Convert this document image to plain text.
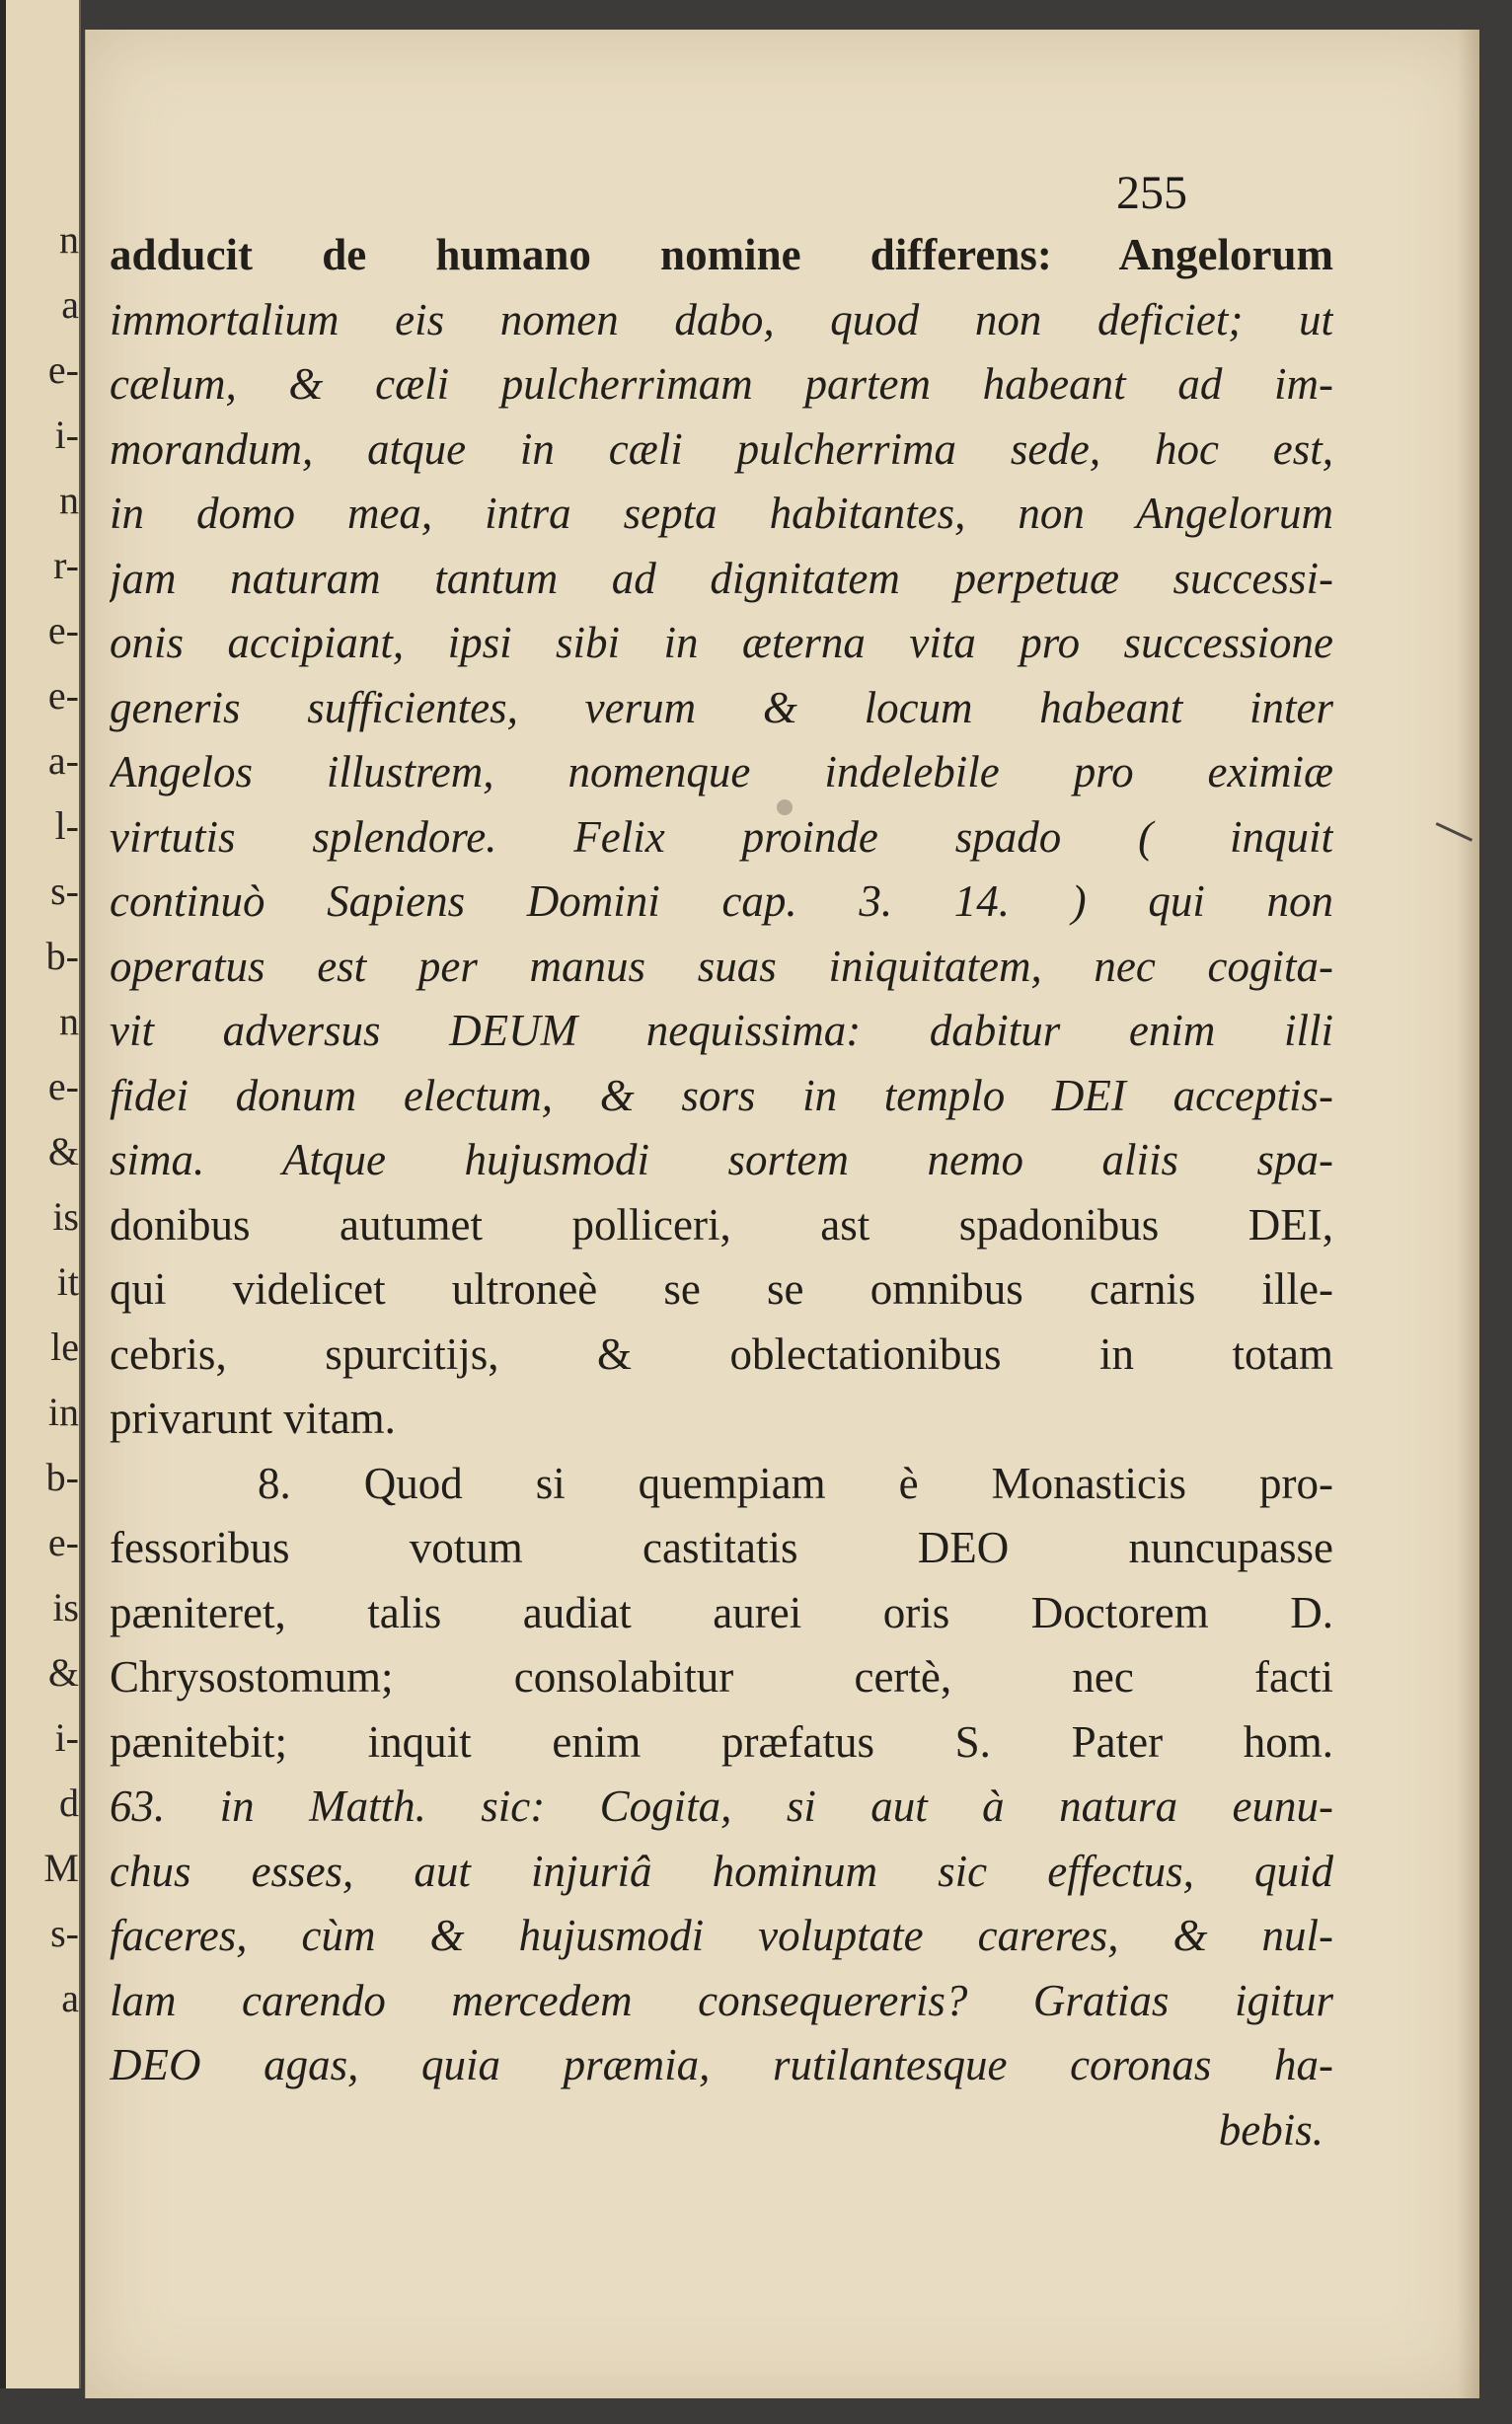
n
a
e-
i-
n
r-
e-
e-
a-
l-
s-
b-
n
e-
&
is
it
le
in
b-
e-
is
&
i-
d
M
s-
a
255
adducit de humano nomine differens: Angelorum
immortalium eis nomen dabo, quod non deficiet; ut
cælum, & cæli pulcherrimam partem habeant ad im-
morandum, atque in cæli pulcherrima sede, hoc est,
in domo mea, intra septa habitantes, non Angelorum
jam naturam tantum ad dignitatem perpetuæ successi-
onis accipiant, ipsi sibi in æterna vita pro successione
generis sufficientes, verum & locum habeant inter
Angelos illustrem, nomenque indelebile pro eximiæ
virtutis splendore. Felix proinde spado ( inquit
continuò Sapiens Domini cap. 3. 14. ) qui non
operatus est per manus suas iniquitatem, nec cogita-
vit adversus DEUM nequissima: dabitur enim illi
fidei donum electum, & sors in templo DEI acceptis-
sima. Atque hujusmodi sortem nemo aliis spa-
donibus autumet polliceri, ast spadonibus DEI,
qui videlicet ultroneè se se omnibus carnis ille-
cebris, spurcitijs, & oblectationibus in totam
privarunt vitam.
8. Quod si quempiam è Monasticis pro-
fessoribus votum castitatis DEO nuncupasse
pæniteret, talis audiat aurei oris Doctorem D.
Chrysostomum; consolabitur certè, nec facti
pænitebit; inquit enim præfatus S. Pater hom.
63. in Matth. sic: Cogita, si aut à natura eunu-
chus esses, aut injuriâ hominum sic effectus, quid
faceres, cùm & hujusmodi voluptate careres, & nul-
lam carendo mercedem consequereris? Gratias igitur
DEO agas, quia præmia, rutilantesque coronas ha-
bebis.
